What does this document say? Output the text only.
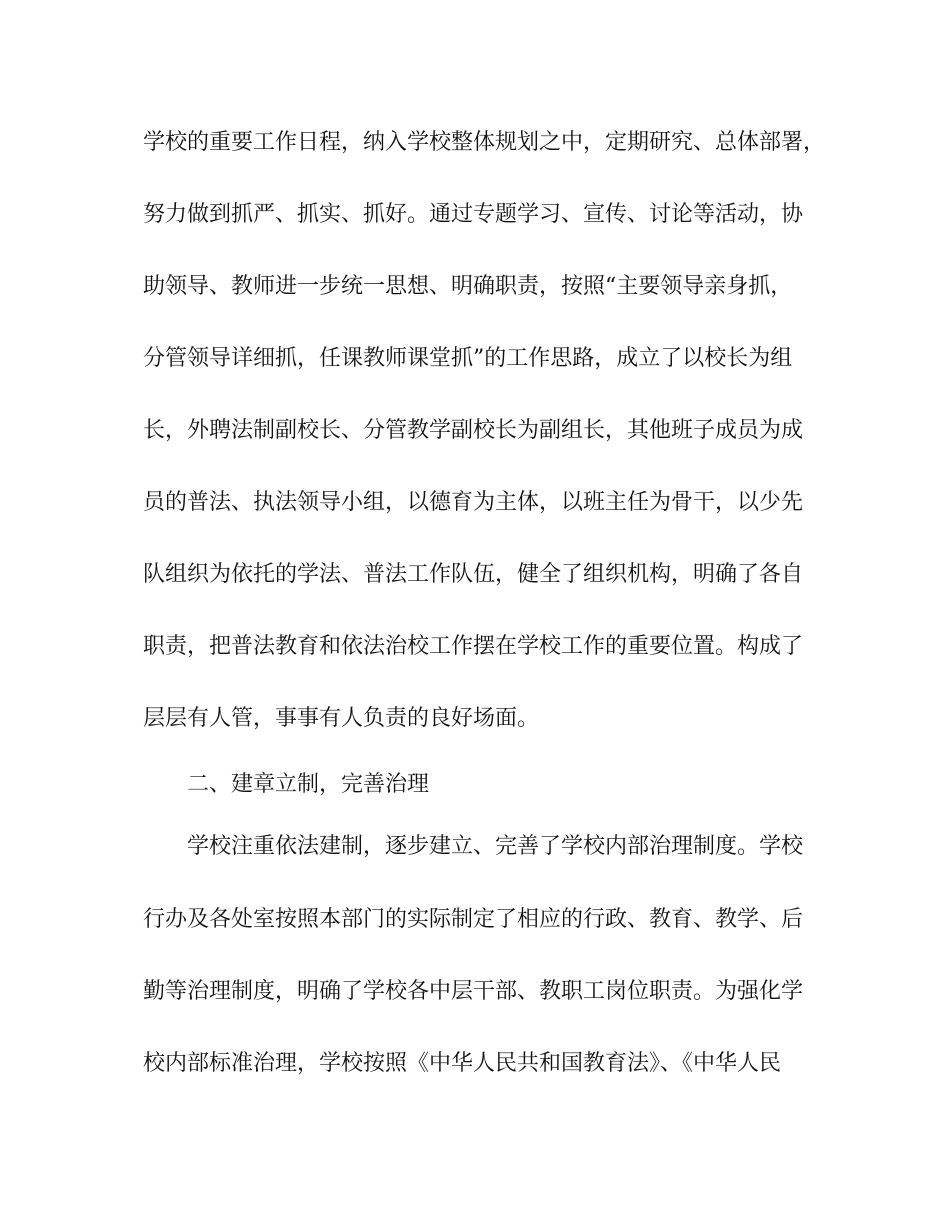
学校的重要工作日程，纳入学校整体规划之中，定期研究、总体部署，
努力做到抓严、抓实、抓好。通过专题学习、宣传、讨论等活动，协
助领导、教师进一步统一思想、明确职责，按照“主要领导亲身抓，
分管领导详细抓，任课教师课堂抓”的工作思路，成立了以校长为组
长，外聘法制副校长、分管教学副校长为副组长，其他班子成员为成
员的普法、执法领导小组，以德育为主体，以班主任为骨干，以少先
队组织为依托的学法、普法工作队伍，健全了组织机构，明确了各自
职责，把普法教育和依法治校工作摆在学校工作的重要位置。构成了
层层有人管，事事有人负责的良好场面。
二、建章立制，完善治理
学校注重依法建制，逐步建立、完善了学校内部治理制度。学校
行办及各处室按照本部门的实际制定了相应的行政、教育、教学、后
勤等治理制度，明确了学校各中层干部、教职工岗位职责。为强化学
校内部标准治理，学校按照《中华人民共和国教育法》、《中华人民
